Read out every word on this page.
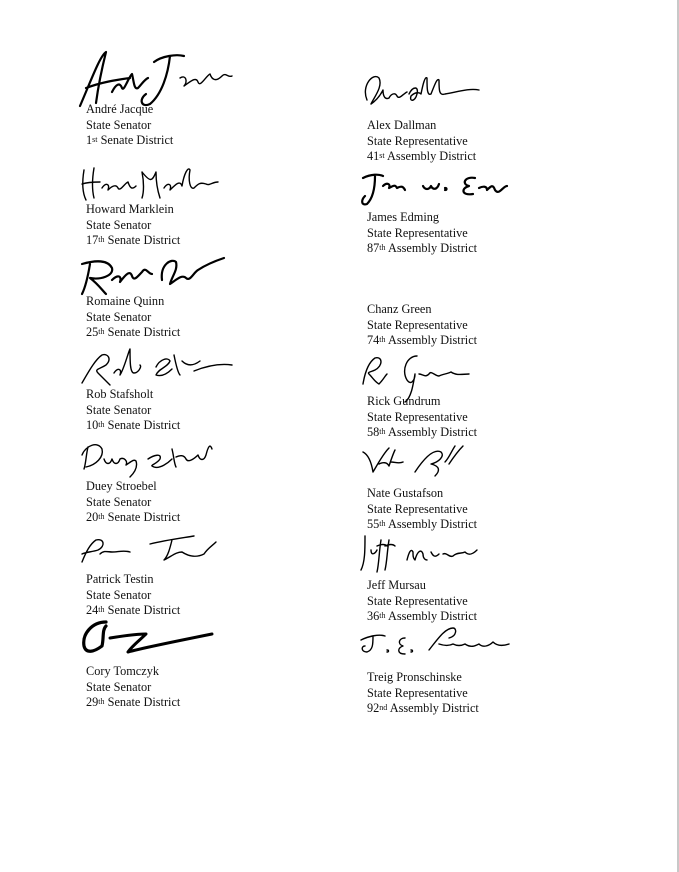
André Jacque
State Senator
1st Senate District
Howard Marklein
State Senator
17th Senate District
Romaine Quinn
State Senator
25th Senate District
Rob Stafsholt
State Senator
10th Senate District
Duey Stroebel
State Senator
20th Senate District
Patrick Testin
State Senator
24th Senate District
Cory Tomczyk
State Senator
29th Senate District
Alex Dallman
State Representative
41st Assembly District
James Edming
State Representative
87th Assembly District
Chanz Green
State Representative
74th Assembly District
Rick Gundrum
State Representative
58th Assembly District
Nate Gustafson
State Representative
55th Assembly District
Jeff Mursau
State Representative
36th Assembly District
Treig Pronschinske
State Representative
92nd Assembly District
